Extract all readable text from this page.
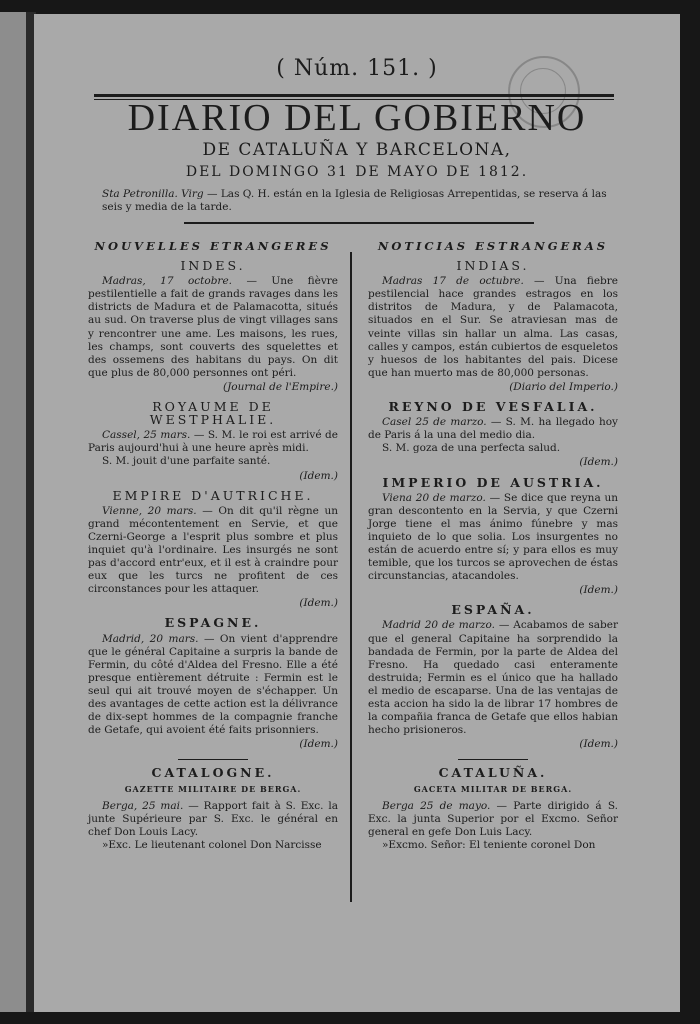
( Núm. 151. )
DIARIO DEL GOBIERNO
DE CATALUÑA Y BARCELONA,
DEL DOMINGO 31 DE MAYO DE 1812.
Sta Petronilla. Virg — Las Q. H. están en la Iglesia de Religiosas Arrepentidas, se reserva á las seis y media de la tarde.
NOUVELLES ETRANGERES
INDES.

Madras, 17 octobre. — Une fièvre pestilentielle a fait de grands ravages dans les districts de Madura et de Palamacotta, situés au sud. On traverse plus de vingt villages sans y rencontrer une ame. Les maisons, les rues, les champs, sont couverts des squelettes et des ossemens des habitans du pays. On dit que plus de 80,000 personnes ont péri.

(Journal de l'Empire.)
ROYAUME DE WESTPHALIE.

Cassel, 25 mars. — S. M. le roi est arrivé de Paris aujourd'hui à une heure après midi.

S. M. jouit d'une parfaite santé.

(Idem.)
EMPIRE D'AUTRICHE.

Vienne, 20 mars. — On dit qu'il règne un grand mécontentement en Servie, et que Czerni-George a l'esprit plus sombre et plus inquiet qu'à l'ordinaire. Les insurgés ne sont pas d'accord entr'eux, et il est à craindre pour eux que les turcs ne profitent de ces circonstances pour les attaquer.

(Idem.)
ESPAGNE.

Madrid, 20 mars. — On vient d'apprendre que le général Capitaine a surpris la bande de Fermin, du côté d'Aldea del Fresno. Elle a été presque entièrement détruite : Fermin est le seul qui ait trouvé moyen de s'échapper. Un des avantages de cette action est la délivrance de dix-sept hommes de la compagnie franche de Getafe, qui avoient été faits prisonniers.

(Idem.)
CATALOGNE.
GAZETTE MILITAIRE DE BERGA.

Berga, 25 mai. — Rapport fait à S. Exc. la junte Supérieure par S. Exc. le général en chef Don Louis Lacy.

»Exc. Le lieutenant colonel Don Narcisse

NOTICIAS ESTRANGERAS
INDIAS.

Madras 17 de octubre. — Una fiebre pestilencial hace grandes estragos en los distritos de Madura, y de Palamacota, situados en el Sur. Se atraviesan mas de veinte villas sin hallar un alma. Las casas, calles y campos, están cubiertos de esqueletos y huesos de los habitantes del pais. Dicese que han muerto mas de 80,000 personas.

(Diario del Imperio.)
REYNO DE VESFALIA.

Casel 25 de marzo. — S. M. ha llegado hoy de Paris á la una del medio dia.

S. M. goza de una perfecta salud.

(Idem.)
IMPERIO DE AUSTRIA.

Viena 20 de marzo. — Se dice que reyna un gran descontento en la Servia, y que Czerni Jorge tiene el mas ánimo fúnebre y mas inquieto de lo que solia. Los insurgentes no están de acuerdo entre sí; y para ellos es muy temible, que los turcos se aprovechen de éstas circunstancias, atacandoles.

(Idem.)
ESPAÑA.

Madrid 20 de marzo. — Acabamos de saber que el general Capitaine ha sorprendido la bandada de Fermin, por la parte de Aldea del Fresno. Ha quedado casi enteramente destruida; Fermin es el único que ha hallado el medio de escaparse. Una de las ventajas de esta accion ha sido la de librar 17 hombres de la compañia franca de Getafe que ellos habian hecho prisioneros.

(Idem.)
CATALUÑA.
GACETA MILITAR DE BERGA.

Berga 25 de mayo. — Parte dirigido á S. Exc. la junta Superior por el Excmo. Señor general en gefe Don Luis Lacy.

»Excmo. Señor: El teniente coronel Don
